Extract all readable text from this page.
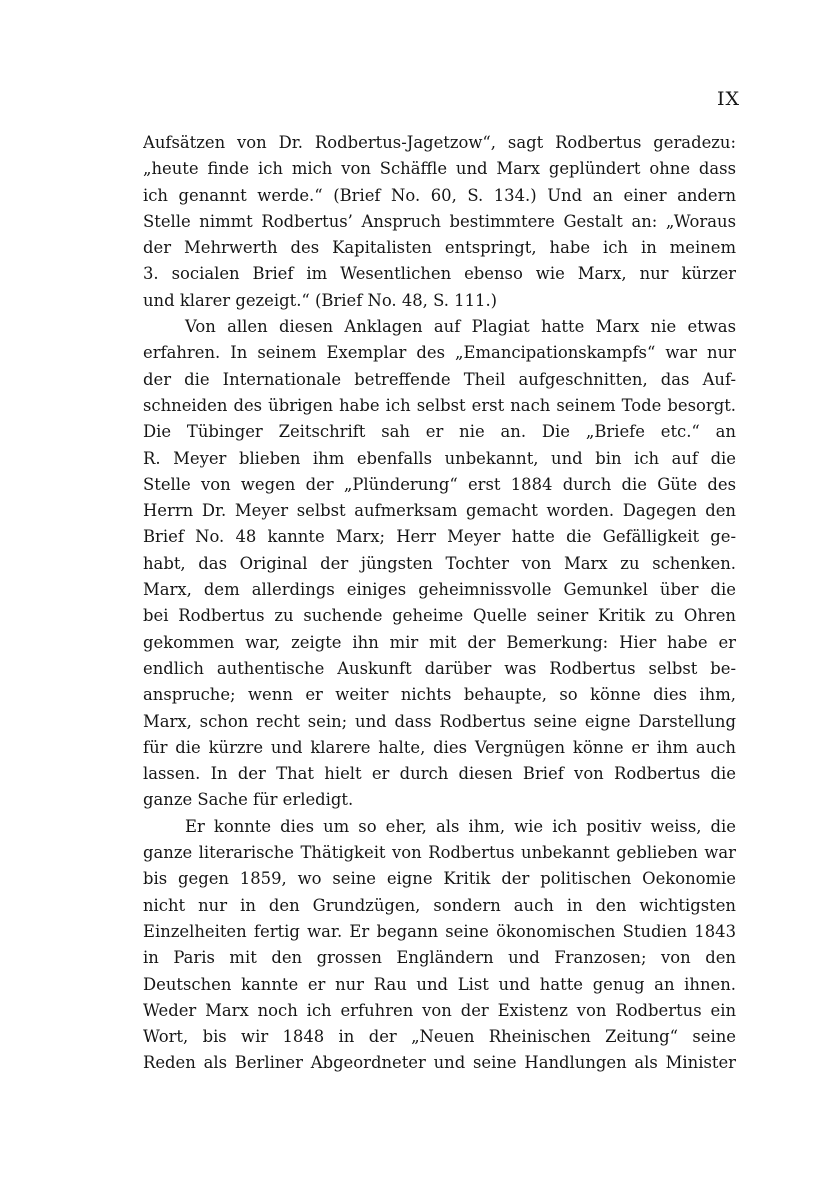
IX

Aufsätzen von Dr. Rodbertus-Jagetzow“, sagt Rodbertus geradezu:
„heute finde ich mich von Schäffle und Marx geplündert ohne dass
ich genannt werde.“ (Brief No. 60, S. 134.) Und an einer andern
Stelle nimmt Rodbertus’ Anspruch bestimmtere Gestalt an: „Woraus
der Mehrwerth des Kapitalisten entspringt, habe ich in meinem
3. socialen Brief im Wesentlichen ebenso wie Marx, nur kürzer
und klarer gezeigt.“ (Brief No. 48, S. 111.)
Von allen diesen Anklagen auf Plagiat hatte Marx nie etwas
erfahren. In seinem Exemplar des „Emancipationskampfs“ war nur
der die Internationale betreffende Theil aufgeschnitten, das Auf-
schneiden des übrigen habe ich selbst erst nach seinem Tode besorgt.
Die Tübinger Zeitschrift sah er nie an. Die „Briefe etc.“ an
R. Meyer blieben ihm ebenfalls unbekannt, und bin ich auf die
Stelle von wegen der „Plünderung“ erst 1884 durch die Güte des
Herrn Dr. Meyer selbst aufmerksam gemacht worden. Dagegen den
Brief No. 48 kannte Marx; Herr Meyer hatte die Gefälligkeit ge-
habt, das Original der jüngsten Tochter von Marx zu schenken.
Marx, dem allerdings einiges geheimnissvolle Gemunkel über die
bei Rodbertus zu suchende geheime Quelle seiner Kritik zu Ohren
gekommen war, zeigte ihn mir mit der Bemerkung: Hier habe er
endlich authentische Auskunft darüber was Rodbertus selbst be-
anspruche; wenn er weiter nichts behaupte, so könne dies ihm,
Marx, schon recht sein; und dass Rodbertus seine eigne Darstellung
für die kürzre und klarere halte, dies Vergnügen könne er ihm auch
lassen. In der That hielt er durch diesen Brief von Rodbertus die
ganze Sache für erledigt.
Er konnte dies um so eher, als ihm, wie ich positiv weiss, die
ganze literarische Thätigkeit von Rodbertus unbekannt geblieben war
bis gegen 1859, wo seine eigne Kritik der politischen Oekonomie
nicht nur in den Grundzügen, sondern auch in den wichtigsten
Einzelheiten fertig war. Er begann seine ökonomischen Studien 1843
in Paris mit den grossen Engländern und Franzosen; von den
Deutschen kannte er nur Rau und List und hatte genug an ihnen.
Weder Marx noch ich erfuhren von der Existenz von Rodbertus ein
Wort, bis wir 1848 in der „Neuen Rheinischen Zeitung“ seine
Reden als Berliner Abgeordneter und seine Handlungen als Minister
